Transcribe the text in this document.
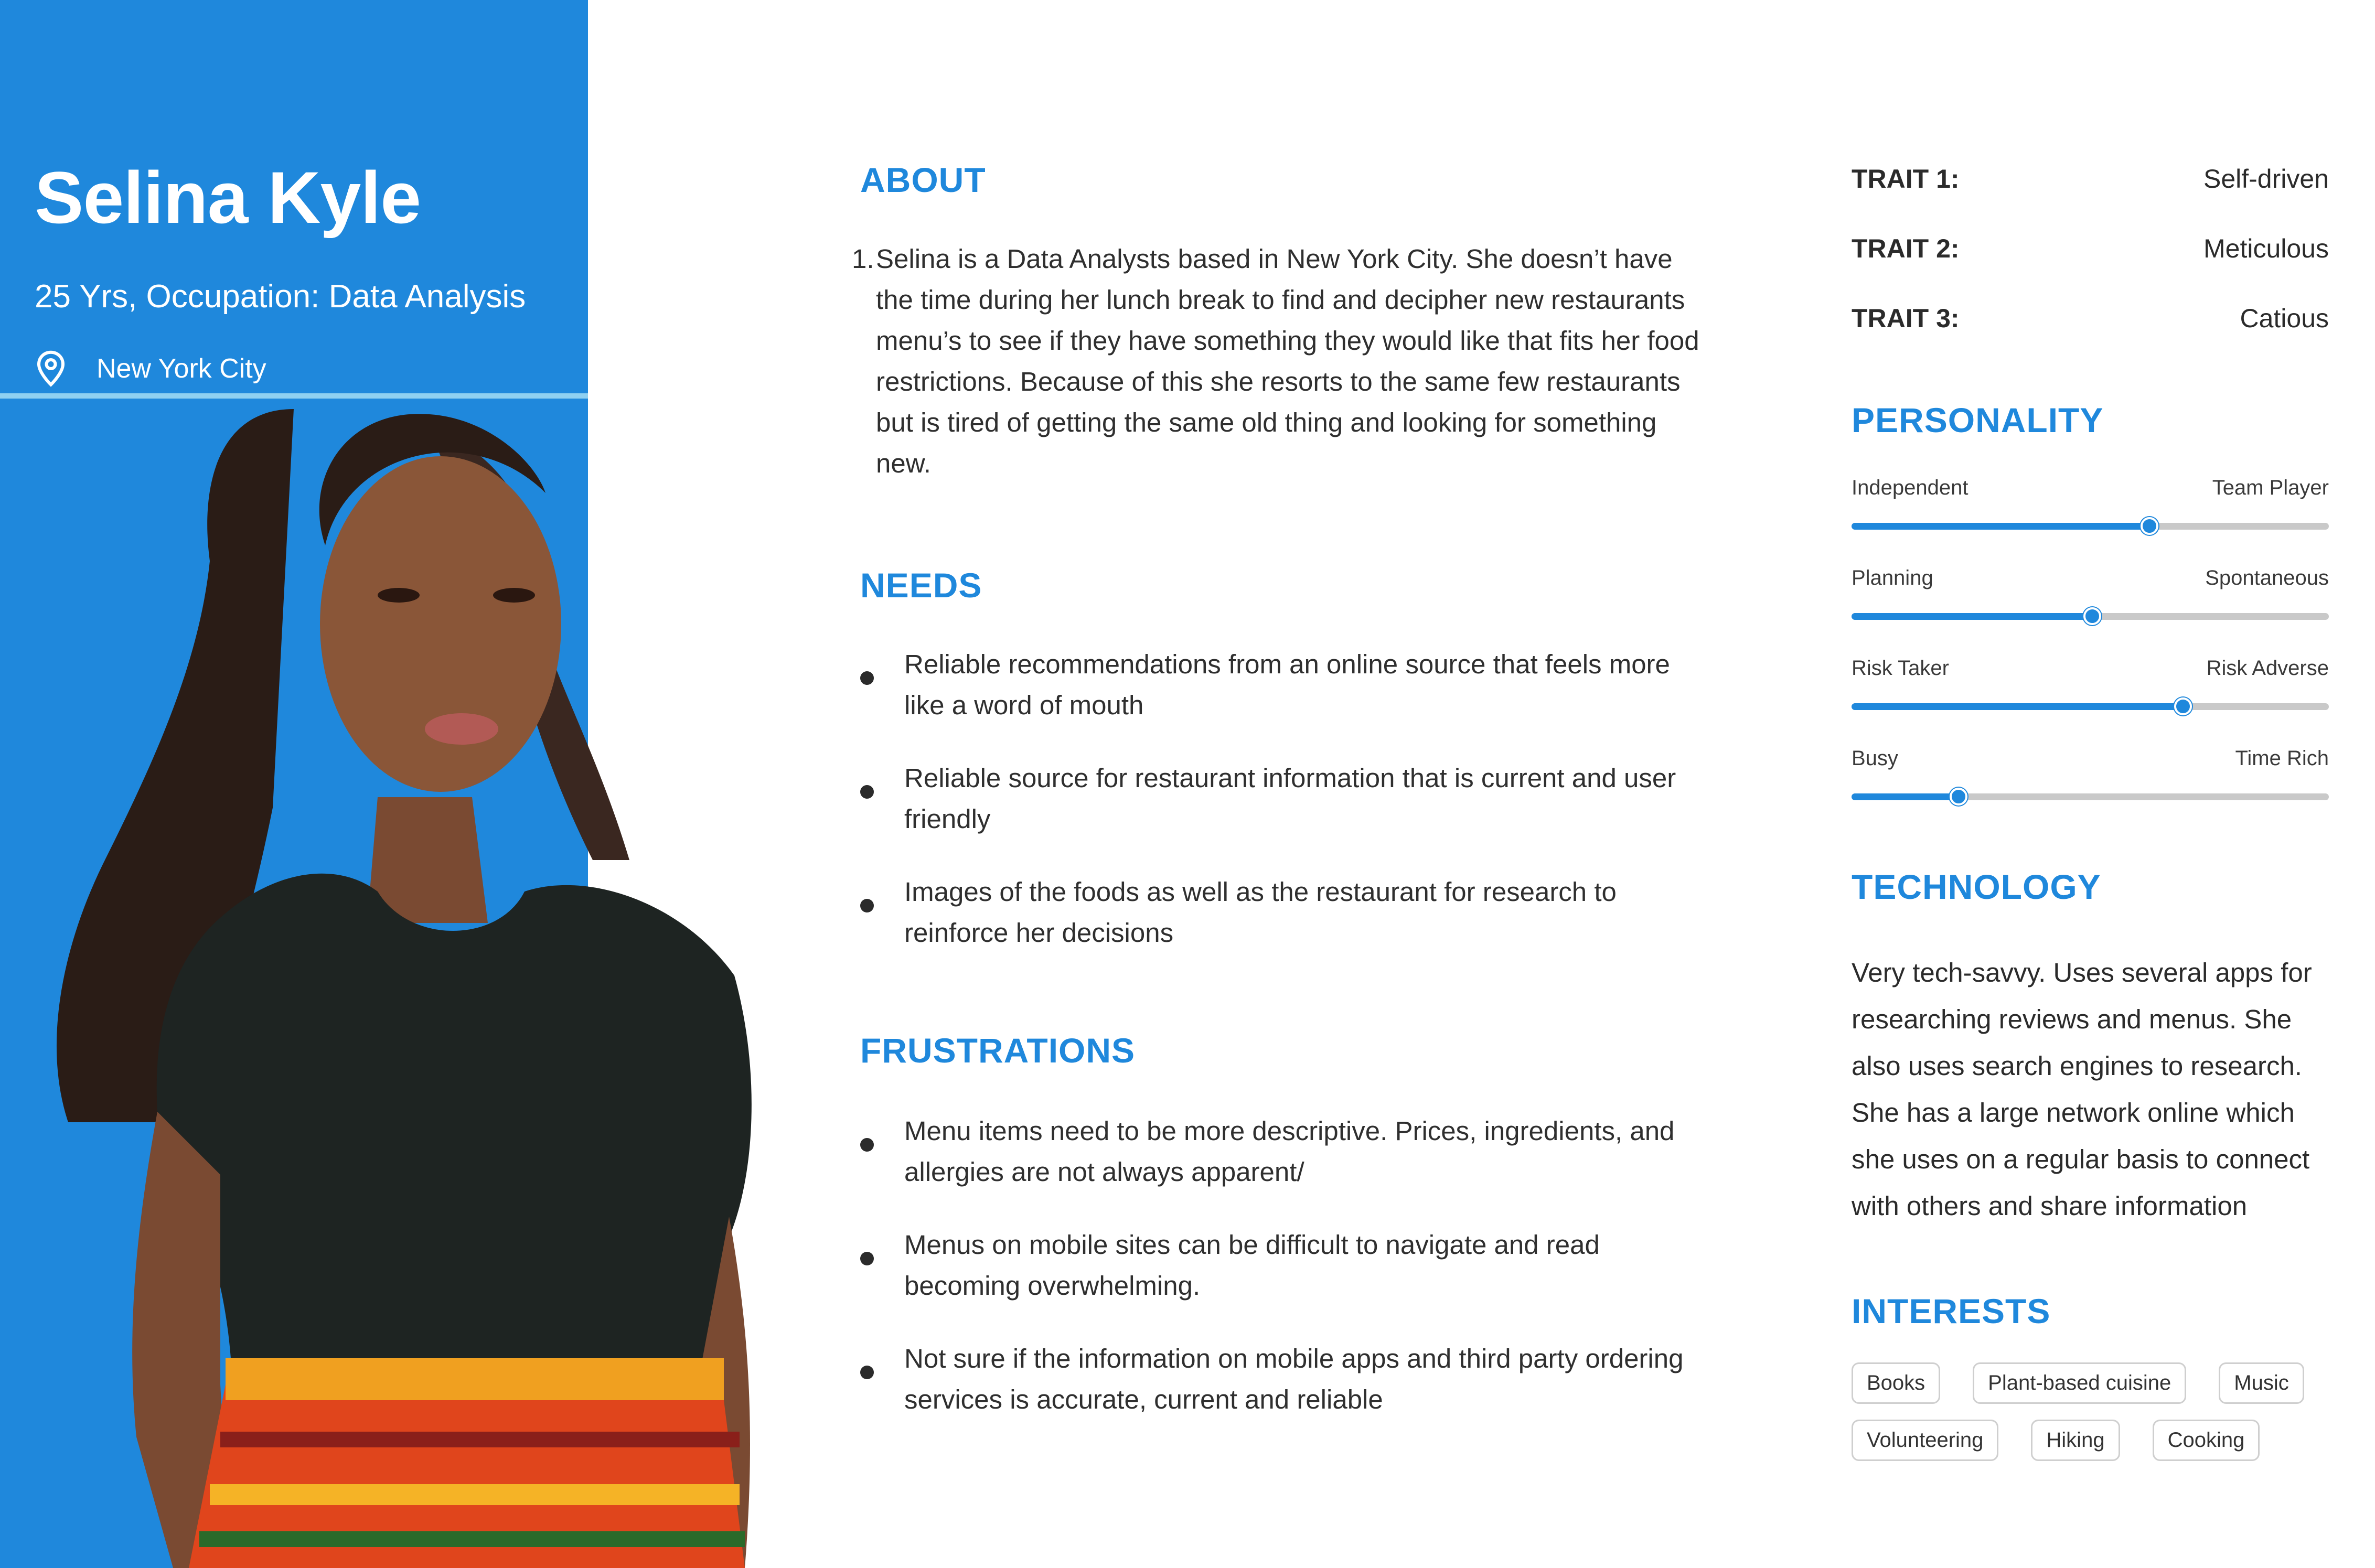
Selina Kyle

25 Yrs, Occupation: Data Analysis

New York City
ABOUT
1. Selina is a Data Analysts based in New York City. She doesn’t have the time during her lunch break to find and decipher new restaurants menu’s to see if they have something they would like that fits her food restrictions. Because of this she resorts to the same few restaurants but is tired of getting the same old thing and looking for something new.
NEEDS
Reliable recommendations from an online source that feels more like a word of mouth
Reliable source for restaurant information that is current and user friendly
Images of the foods as well as the restaurant for research to reinforce her decisions
FRUSTRATIONS
Menu items need to be more descriptive. Prices, ingredients, and allergies are not always apparent/
Menus on mobile sites can be difficult to navigate and read becoming overwhelming.
Not sure if the information on mobile apps and third party ordering services is accurate, current and reliable
TRAIT 1:	Self-driven
TRAIT 2:	Meticulous
TRAIT 3:	Catious
PERSONALITY
Independent	Team Player
Planning	Spontaneous
Risk Taker	Risk Adverse
Busy	Time Rich
TECHNOLOGY
Very tech-savvy. Uses several apps for researching reviews and menus. She also uses search engines to research. She has a large network online which she uses on a regular basis to connect with others and share information
INTERESTS
Books	Plant-based cuisine	Music
Volunteering	Hiking	Cooking
